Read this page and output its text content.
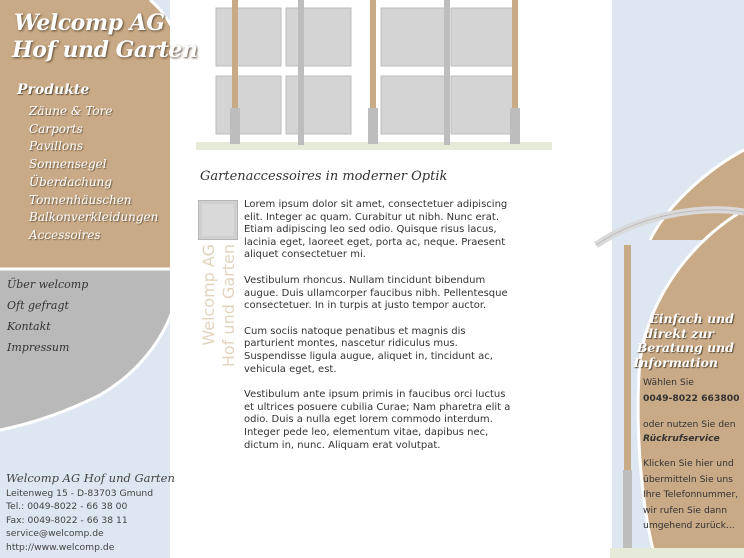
Welcomp AG
Hof und Garten
Produkte
Zäune & Tore
Carports
Pavillons
Sonnensegel
Überdachung
Tonnenhäuschen
Balkonverkleidungen
Accessoires
Über welcomp
Oft gefragt
Kontakt
Impressum
Welcomp AG Hof und Garten
Leitenweg 15 - D-83703 Gmund
Tel.: 0049-8022 - 66 38 00
Fax: 0049-8022 - 66 38 11
service@welcomp.de
http://www.welcomp.de
Gartenaccessoires in moderner Optik
Welcomp AG Hof und Garten

Lorem ipsum dolor sit amet, consectetuer adipiscing elit. Integer ac quam. Curabitur ut nibh. Nunc erat. Etiam adipiscing leo sed odio. Quisque risus lacus, lacinia eget, laoreet eget, porta ac, neque. Praesent aliquet consectetuer mi.

Vestibulum rhoncus. Nullam tincidunt bibendum augue. Duis ullamcorper faucibus nibh. Pellentesque consectetuer. In in turpis at justo tempor auctor.

Cum sociis natoque penatibus et magnis dis parturient montes, nascetur ridiculus mus. Suspendisse ligula augue, aliquet in, tincidunt ac, vehicula eget, est.

Vestibulum ante ipsum primis in faucibus orci luctus et ultrices posuere cubilia Curae; Nam pharetra elit a odio. Duis a nulla eget lorem commodo interdum. Integer pede leo, elementum vitae, dapibus nec, dictum in, nunc. Aliquam erat volutpat.

Einfach und
direkt zur
Beratung und
Information
Wählen Sie
0049-8022 663800
oder nutzen Sie den
Rückrufservice
Klicken Sie hier und
übermitteln Sie uns
Ihre Telefonnummer,
wir rufen Sie dann
umgehend zurück...
